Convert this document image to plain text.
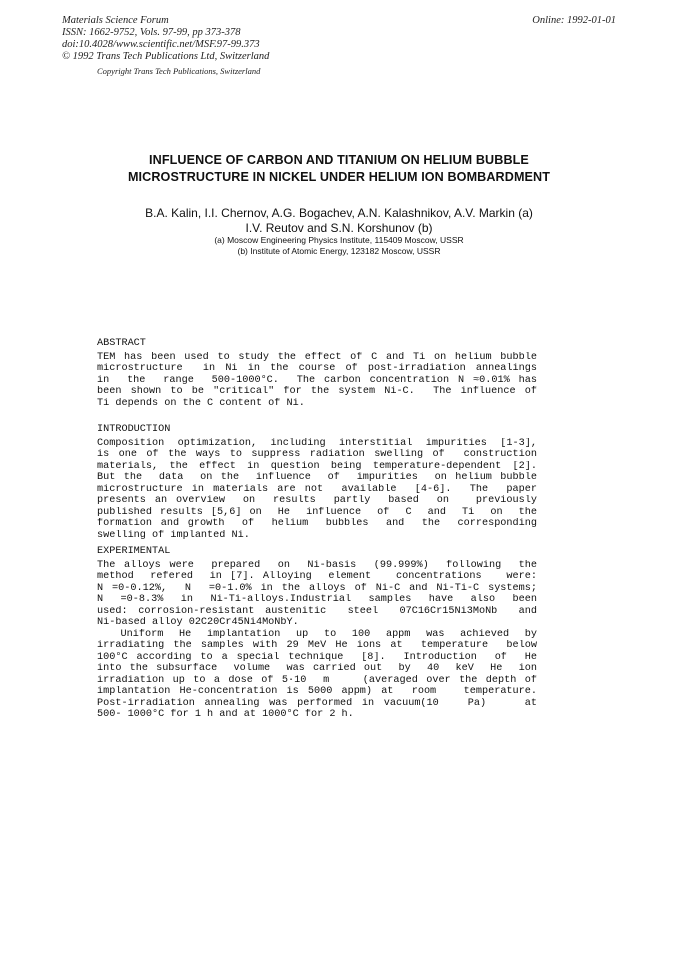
Materials Science Forum
ISSN: 1662-9752, Vols. 97-99, pp 373-378
doi:10.4028/www.scientific.net/MSF.97-99.373
© 1992 Trans Tech Publications Ltd, Switzerland
Online: 1992-01-01
Copyright Trans Tech Publications, Switzerland
INFLUENCE OF CARBON AND TITANIUM ON HELIUM BUBBLE
MICROSTRUCTURE IN NICKEL UNDER HELIUM ION BOMBARDMENT
B.A. Kalin, I.I. Chernov, A.G. Bogachev, A.N. Kalashnikov, A.V. Markin (a)
I.V. Reutov and S.N. Korshunov (b)
(a) Moscow Engineering Physics Institute, 115409 Moscow, USSR
(b) Institute of Atomic Energy, 123182 Moscow, USSR
ABSTRACT
TEM has been used to study the effect of C and Ti on helium bubble
microstructure  in Ni in the course of post-irradiation annealings
in  the  range  500-1000°C.  The carbon concentration N ≈0.01% has
been shown to be "critical" for the system Ni-C.  The influence of
Ti depends on the C content of Ni.
INTRODUCTION
Composition optimization, including interstitial impurities [1-3],
is one of the ways to suppress radiation swelling of  construction
materials, the effect in question being temperature-dependent [2].
But the  data  on the  influence  of  impurities  on helium bubble
microstructure in materials are not  available  [4-6].  The  paper
presents an overview  on  results  partly  based  on   previously
published results [5,6] on  He  influence  of  C  and  Ti  on  the
formation and growth  of  helium  bubbles  and  the  corresponding
swelling of implanted Ni.
EXPERIMENTAL
The alloys were  prepared  on  Ni-basis  (99.999%)  following  the
method  refered  in [7]. Alloying  element   concentrations   were:
N =0-0.12%,  N  =0-1.0% in the alloys of Ni-C and Ni-Ti-C systems;
N  =0-8.3%  in  Ni-Ti-alloys.Industrial  samples  have  also  been
used: corrosion-resistant austenitic  steel  07C16Cr15Ni3MoNb  and
Ni-based alloy 02C20Cr45Ni4MoNbY.
Uniform  He  implantation  up  to  100  appm  was  achieved  by
irradiating the samples with 29 MeV He ions at  temperature  below
100°C according to a special technique  [8].  Introduction  of  He
into the subsurface  volume  was carried out  by  40  keV  He  ion
irradiation up to a dose of 5·10  m    (averaged over the depth of
implantation He-concentration is 5000 appm) at  room   temperature.
Post-irradiation annealing was performed in vacuum(10   Pa)    at
500- 1000°C for 1 h and at 1000°C for 2 h.
